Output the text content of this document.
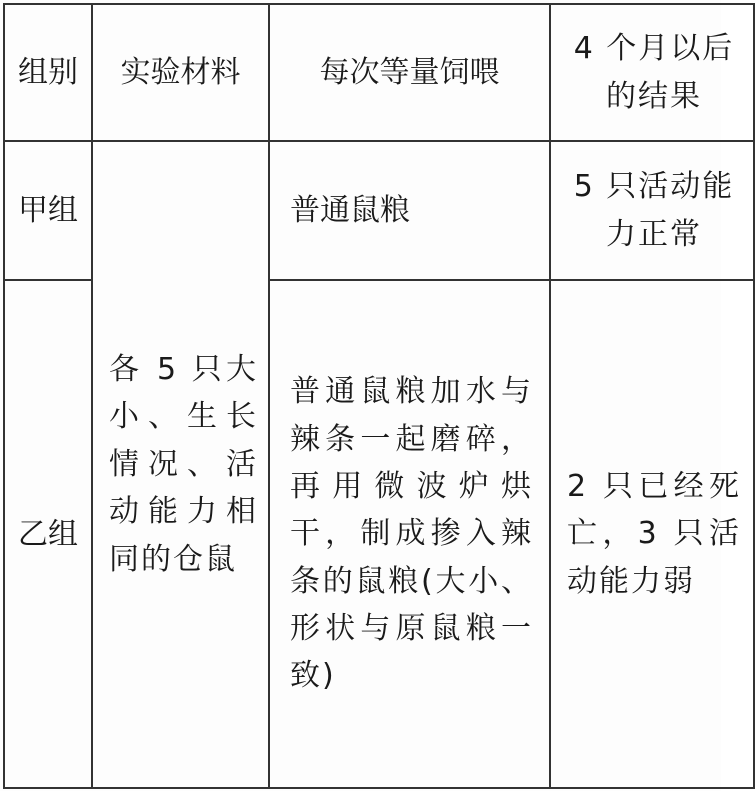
组别	实验材料	每次等量饲喂	4 个月以后的结果

甲组	各 5 只大小、生长情况、活动能力相同的仓鼠	普通鼠粮	5 只活动能力正常

乙组		普通鼠粮加水与辣条一起磨碎，再用微波炉烘干，制成掺入辣条的鼠粮(大小、形状与原鼠粮一致)	2 只已经死亡，3 只活动能力弱
